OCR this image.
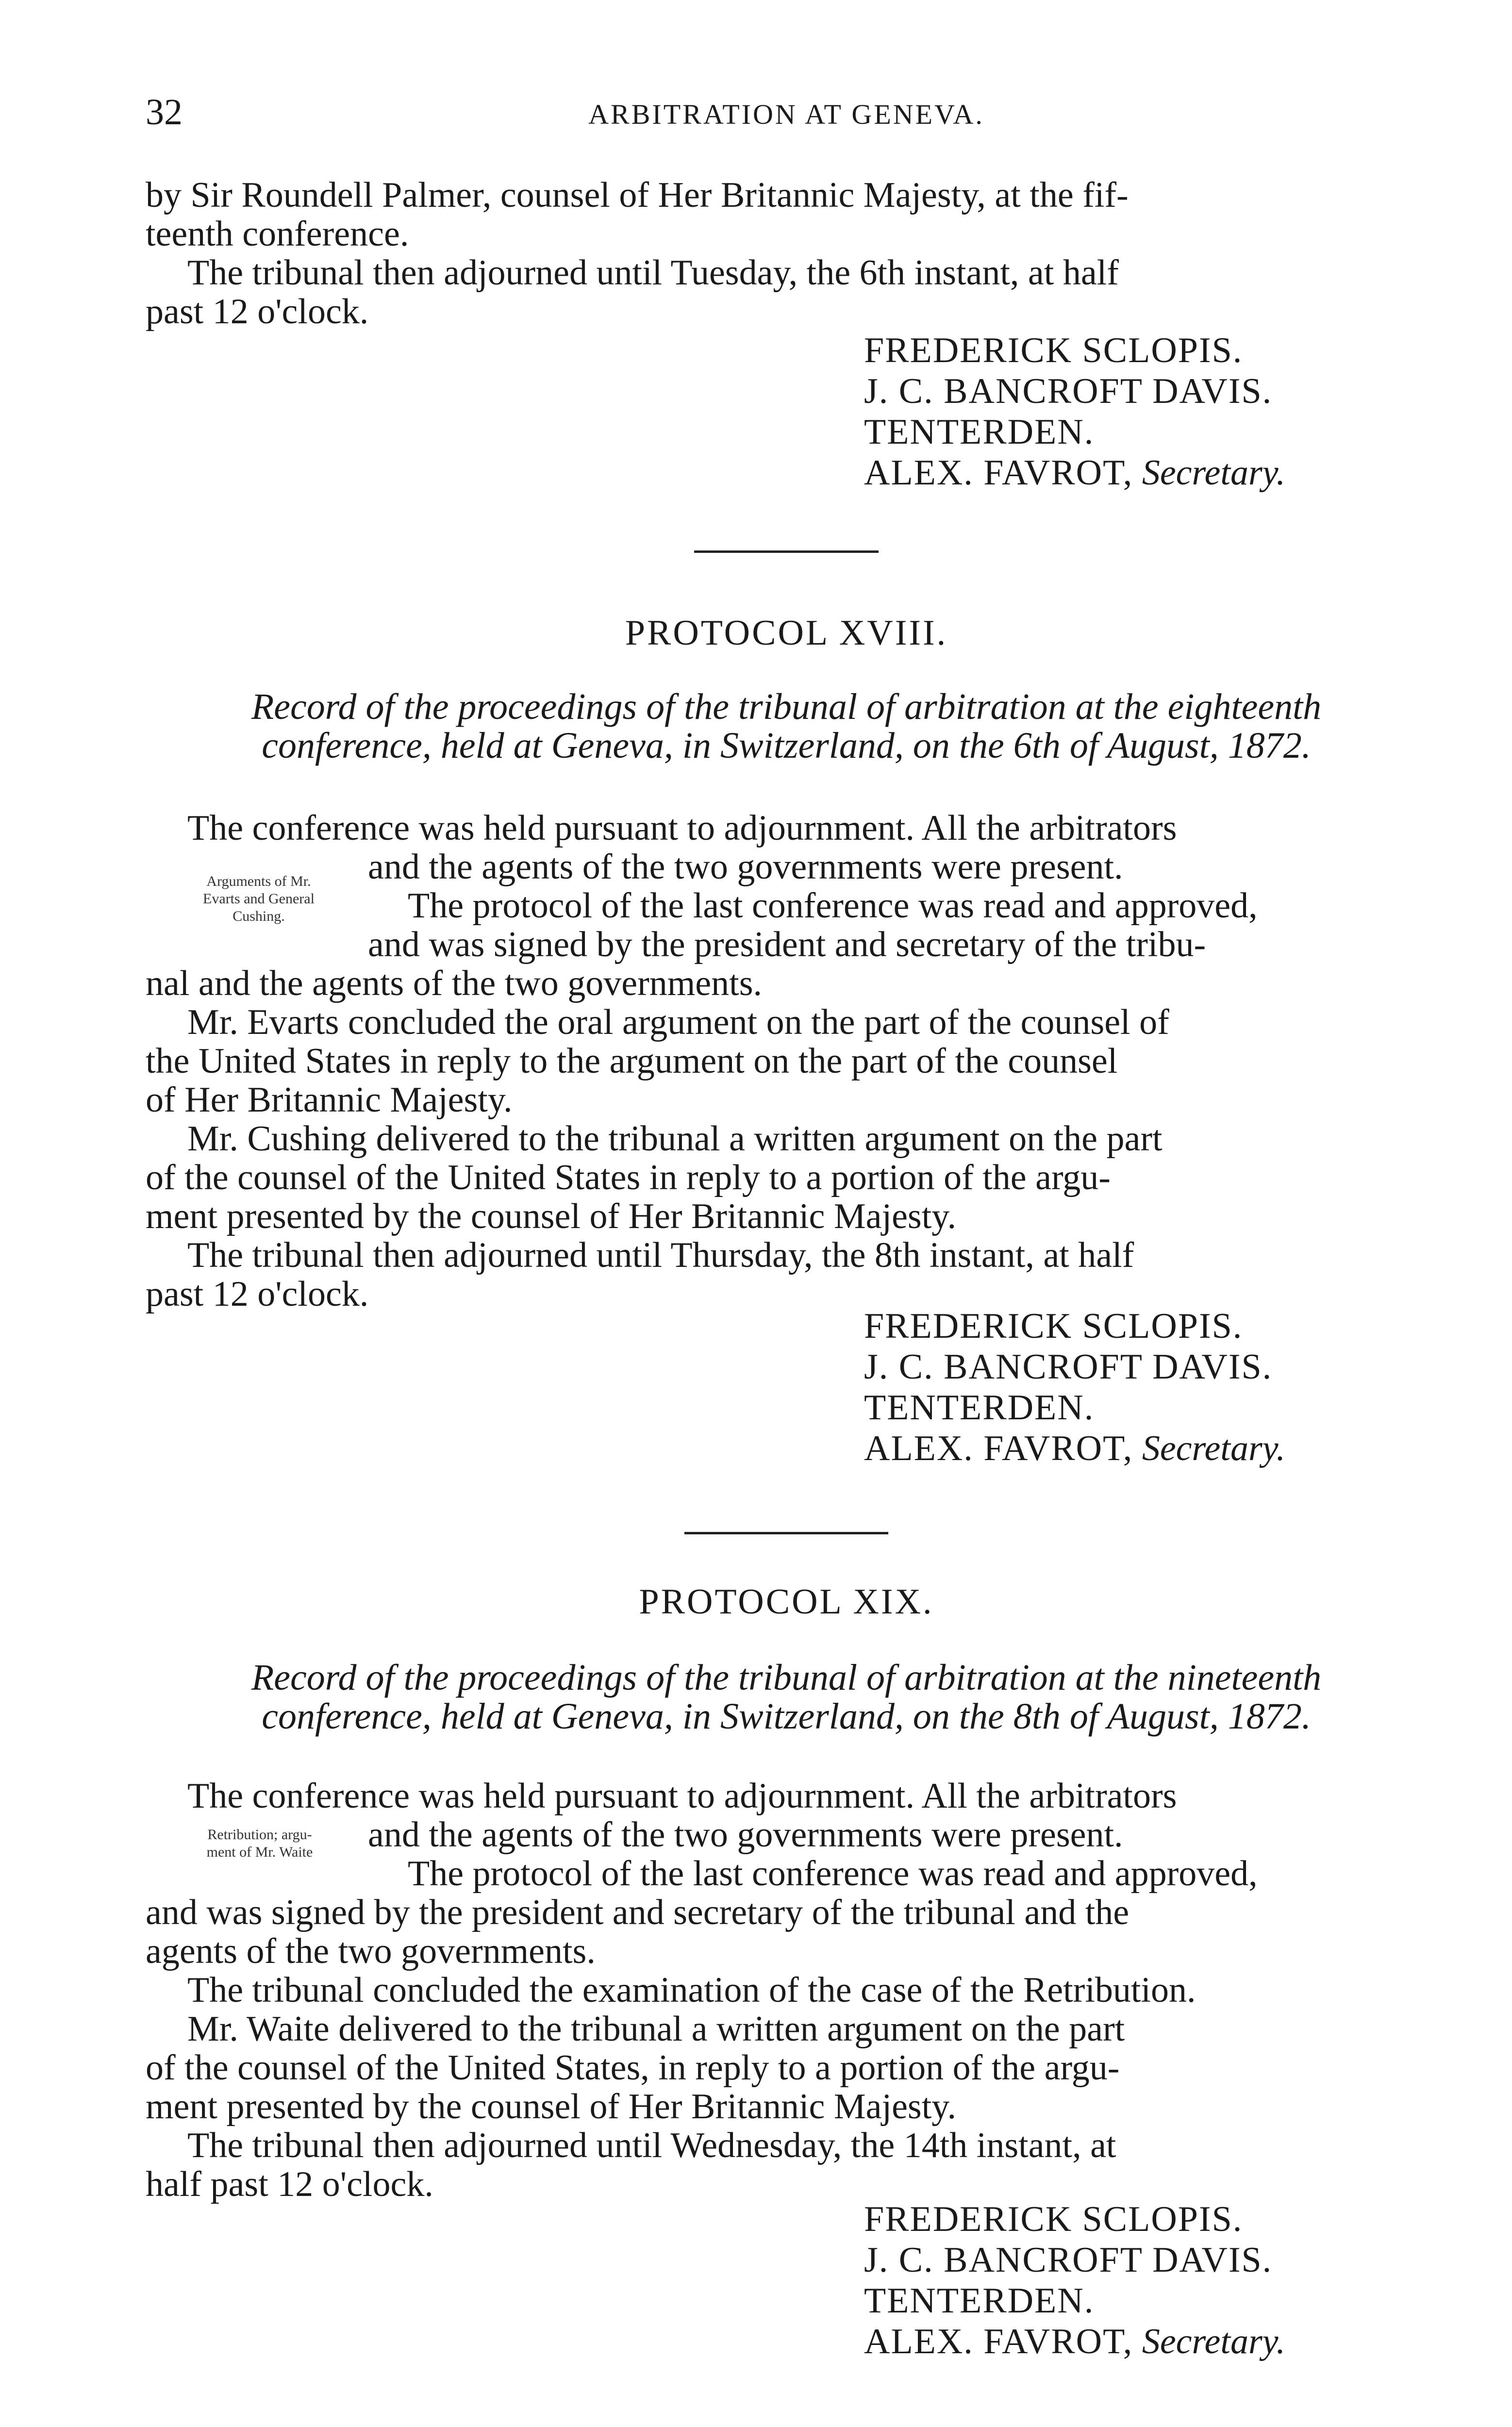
32	ARBITRATION AT GENEVA.
by Sir Roundell Palmer, counsel of Her Britannic Majesty, at the fif-
teenth conference.
The tribunal then adjourned until Tuesday, the 6th instant, at half
past 12 o'clock.
FREDERICK SCLOPIS.
J. C. BANCROFT DAVIS.
TENTERDEN.
ALEX. FAVROT, Secretary.
PROTOCOL XVIII.
Record of the proceedings of the tribunal of arbitration at the eighteenth
conference, held at Geneva, in Switzerland, on the 6th of August, 1872.
Arguments of Mr.
Evarts and General
Cushing.
The conference was held pursuant to adjournment. All the arbitrators
and the agents of the two governments were present.
The protocol of the last conference was read and approved,
and was signed by the president and secretary of the tribu-
nal and the agents of the two governments.
Mr. Evarts concluded the oral argument on the part of the counsel of
the United States in reply to the argument on the part of the counsel
of Her Britannic Majesty.
Mr. Cushing delivered to the tribunal a written argument on the part
of the counsel of the United States in reply to a portion of the argu-
ment presented by the counsel of Her Britannic Majesty.
The tribunal then adjourned until Thursday, the 8th instant, at half
past 12 o'clock.
FREDERICK SCLOPIS.
J. C. BANCROFT DAVIS.
TENTERDEN.
ALEX. FAVROT, Secretary.
PROTOCOL XIX.
Record of the proceedings of the tribunal of arbitration at the nineteenth
conference, held at Geneva, in Switzerland, on the 8th of August, 1872.
Retribution; argu-
ment of Mr. Waite
The conference was held pursuant to adjournment. All the arbitrators
and the agents of the two governments were present.
The protocol of the last conference was read and approved,
and was signed by the president and secretary of the tribunal and the
agents of the two governments.
The tribunal concluded the examination of the case of the Retribution.
Mr. Waite delivered to the tribunal a written argument on the part
of the counsel of the United States, in reply to a portion of the argu-
ment presented by the counsel of Her Britannic Majesty.
The tribunal then adjourned until Wednesday, the 14th instant, at
half past 12 o'clock.
FREDERICK SCLOPIS.
J. C. BANCROFT DAVIS.
TENTERDEN.
ALEX. FAVROT, Secretary.
